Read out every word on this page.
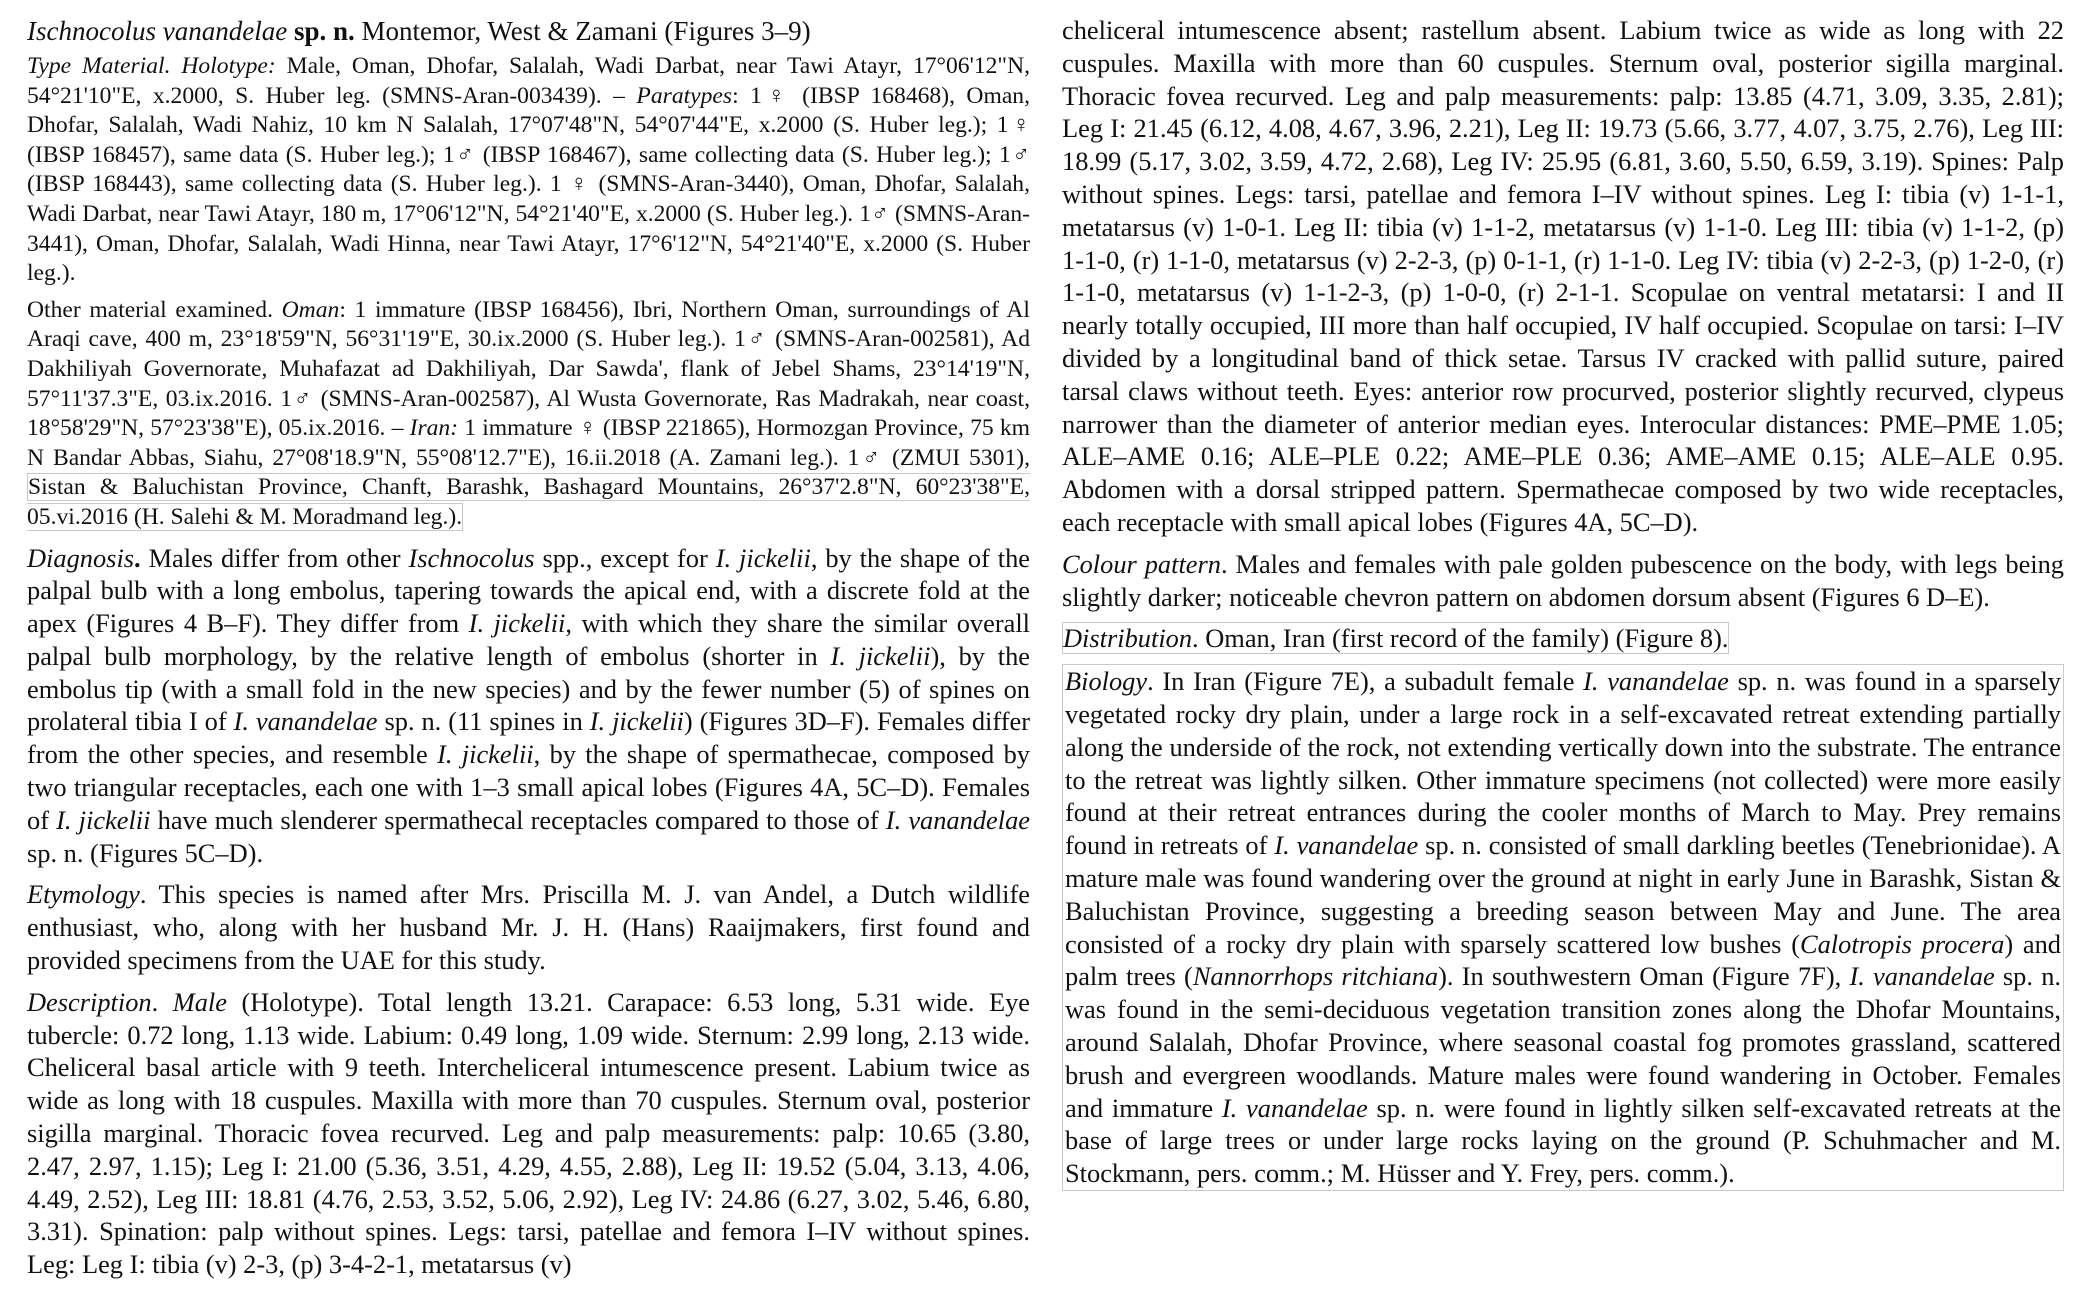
Ischnocolus vanandelae sp. n. Montemor, West & Zamani (Figures 3–9)

Type Material. Holotype: Male, Oman, Dhofar, Salalah, Wadi Darbat, near Tawi Atayr, 17°06'12"N, 54°21'10"E, x.2000, S. Huber leg. (SMNS-Aran-003439). – Paratypes: 1♀ (IBSP 168468), Oman, Dhofar, Salalah, Wadi Nahiz, 10 km N Salalah, 17°07'48"N, 54°07'44"E, x.2000 (S. Huber leg.); 1♀ (IBSP 168457), same data (S. Huber leg.); 1♂ (IBSP 168467), same collecting data (S. Huber leg.); 1♂ (IBSP 168443), same collecting data (S. Huber leg.). 1 ♀ (SMNS-Aran-3440), Oman, Dhofar, Salalah, Wadi Darbat, near Tawi Atayr, 180 m, 17°06'12"N, 54°21'40"E, x.2000 (S. Huber leg.). 1♂ (SMNS-Aran-3441), Oman, Dhofar, Salalah, Wadi Hinna, near Tawi Atayr, 17°6'12"N, 54°21'40"E, x.2000 (S. Huber leg.).

Other material examined. Oman: 1 immature (IBSP 168456), Ibri, Northern Oman, surroundings of Al Araqi cave, 400 m, 23°18'59"N, 56°31'19"E, 30.ix.2000 (S. Huber leg.). 1♂ (SMNS-Aran-002581), Ad Dakhiliyah Governorate, Muhafazat ad Dakhiliyah, Dar Sawda', flank of Jebel Shams, 23°14'19"N, 57°11'37.3"E, 03.ix.2016. 1♂ (SMNS-Aran-002587), Al Wusta Governorate, Ras Madrakah, near coast, 18°58'29"N, 57°23'38"E), 05.ix.2016. – Iran: 1 immature ♀ (IBSP 221865), Hormozgan Province, 75 km N Bandar Abbas, Siahu, 27°08'18.9"N, 55°08'12.7"E), 16.ii.2018 (A. Zamani leg.). 1♂ (ZMUI 5301), Sistan & Baluchistan Province, Chanft, Barashk, Bashagard Mountains, 26°37'2.8"N, 60°23'38"E, 05.vi.2016 (H. Salehi & M. Moradmand leg.).

Diagnosis. Males differ from other Ischnocolus spp., except for I. jickelii, by the shape of the palpal bulb with a long embolus, tapering towards the apical end, with a discrete fold at the apex (Figures 4 B–F). They differ from I. jickelii, with which they share the similar overall palpal bulb morphology, by the relative length of embolus (shorter in I. jickelii), by the embolus tip (with a small fold in the new species) and by the fewer number (5) of spines on prolateral tibia I of I. vanandelae sp. n. (11 spines in I. jickelii) (Figures 3D–F). Females differ from the other species, and resemble I. jickelii, by the shape of spermathecae, composed by two triangular receptacles, each one with 1–3 small apical lobes (Figures 4A, 5C–D). Females of I. jickelii have much slenderer spermathecal receptacles compared to those of I. vanandelae sp. n. (Figures 5C–D).

Etymology. This species is named after Mrs. Priscilla M. J. van Andel, a Dutch wildlife enthusiast, who, along with her husband Mr. J. H. (Hans) Raaijmakers, first found and provided specimens from the UAE for this study.

Description. Male (Holotype). Total length 13.21. Carapace: 6.53 long, 5.31 wide. Eye tubercle: 0.72 long, 1.13 wide. Labium: 0.49 long, 1.09 wide. Sternum: 2.99 long, 2.13 wide. Cheliceral basal article with 9 teeth. Intercheliceral intumescence present. Labium twice as wide as long with 18 cuspules. Maxilla with more than 70 cuspules. Sternum oval, posterior sigilla marginal. Thoracic fovea recurved. Leg and palp measurements: palp: 10.65 (3.80, 2.47, 2.97, 1.15); Leg I: 21.00 (5.36, 3.51, 4.29, 4.55, 2.88), Leg II: 19.52 (5.04, 3.13, 4.06, 4.49, 2.52), Leg III: 18.81 (4.76, 2.53, 3.52, 5.06, 2.92), Leg IV: 24.86 (6.27, 3.02, 5.46, 6.80, 3.31). Spination: palp without spines. Legs: tarsi, patellae and femora I–IV without spines. Leg: Leg I: tibia (v) 2-3, (p) 3-4-2-1, metatarsus (v)

cheliceral intumescence absent; rastellum absent. Labium twice as wide as long with 22 cuspules. Maxilla with more than 60 cuspules. Sternum oval, posterior sigilla marginal. Thoracic fovea recurved. Leg and palp measurements: palp: 13.85 (4.71, 3.09, 3.35, 2.81); Leg I: 21.45 (6.12, 4.08, 4.67, 3.96, 2.21), Leg II: 19.73 (5.66, 3.77, 4.07, 3.75, 2.76), Leg III: 18.99 (5.17, 3.02, 3.59, 4.72, 2.68), Leg IV: 25.95 (6.81, 3.60, 5.50, 6.59, 3.19). Spines: Palp without spines. Legs: tarsi, patellae and femora I–IV without spines. Leg I: tibia (v) 1-1-1, metatarsus (v) 1-0-1. Leg II: tibia (v) 1-1-2, metatarsus (v) 1-1-0. Leg III: tibia (v) 1-1-2, (p) 1-1-0, (r) 1-1-0, metatarsus (v) 2-2-3, (p) 0-1-1, (r) 1-1-0. Leg IV: tibia (v) 2-2-3, (p) 1-2-0, (r) 1-1-0, metatarsus (v) 1-1-2-3, (p) 1-0-0, (r) 2-1-1. Scopulae on ventral metatarsi: I and II nearly totally occupied, III more than half occupied, IV half occupied. Scopulae on tarsi: I–IV divided by a longitudinal band of thick setae. Tarsus IV cracked with pallid suture, paired tarsal claws without teeth. Eyes: anterior row procurved, posterior slightly recurved, clypeus narrower than the diameter of anterior median eyes. Interocular distances: PME–PME 1.05; ALE–AME 0.16; ALE–PLE 0.22; AME–PLE 0.36; AME–AME 0.15; ALE–ALE 0.95. Abdomen with a dorsal stripped pattern. Spermathecae composed by two wide receptacles, each receptacle with small apical lobes (Figures 4A, 5C–D).

Colour pattern. Males and females with pale golden pubescence on the body, with legs being slightly darker; noticeable chevron pattern on abdomen dorsum absent (Figures 6 D–E).

Distribution. Oman, Iran (first record of the family) (Figure 8).

Biology. In Iran (Figure 7E), a subadult female I. vanandelae sp. n. was found in a sparsely vegetated rocky dry plain, under a large rock in a self-excavated retreat extending partially along the underside of the rock, not extending vertically down into the substrate. The entrance to the retreat was lightly silken. Other immature specimens (not collected) were more easily found at their retreat entrances during the cooler months of March to May. Prey remains found in retreats of I. vanandelae sp. n. consisted of small darkling beetles (Tenebrionidae). A mature male was found wandering over the ground at night in early June in Barashk, Sistan & Baluchistan Province, suggesting a breeding season between May and June. The area consisted of a rocky dry plain with sparsely scattered low bushes (Calotropis procera) and palm trees (Nannorrhops ritchiana). In southwestern Oman (Figure 7F), I. vanandelae sp. n. was found in the semi-deciduous vegetation transition zones along the Dhofar Mountains, around Salalah, Dhofar Province, where seasonal coastal fog promotes grassland, scattered brush and evergreen woodlands. Mature males were found wandering in October. Females and immature I. vanandelae sp. n. were found in lightly silken self-excavated retreats at the base of large trees or under large rocks laying on the ground (P. Schuhmacher and M. Stockmann, pers. comm.; M. Hüsser and Y. Frey, pers. comm.).
